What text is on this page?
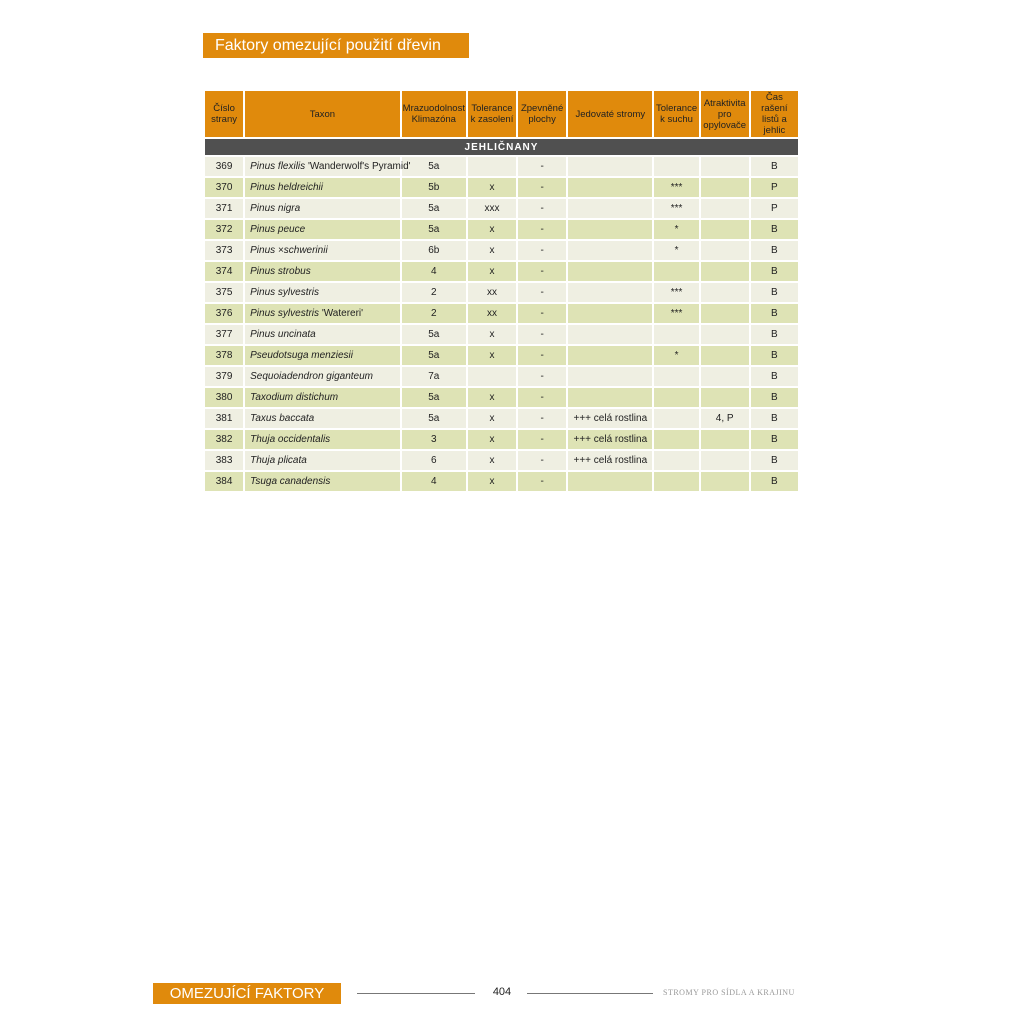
Faktory omezující použití dřevin
Číslo strany	Taxon	Mrazuodolnost Klimazóna	Tolerance k zasolení	Zpevněné plochy	Jedovaté stromy	Tolerance k suchu	Atraktivita pro opylovače	Čas rašení listů a jehlic
JEHLIČNANY								
369	Pinus flexilis 'Wanderwolf's Pyramid'	5a		-				B
370	Pinus heldreichii	5b	x	-		***		P
371	Pinus nigra	5a	xxx	-		***		P
372	Pinus peuce	5a	x	-		*		B
373	Pinus ×schwerinii	6b	x	-		*		B
374	Pinus strobus	4	x	-				B
375	Pinus sylvestris	2	xx	-		***		B
376	Pinus sylvestris 'Watereri'	2	xx	-		***		B
377	Pinus uncinata	5a	x	-				B
378	Pseudotsuga menziesii	5a	x	-		*		B
379	Sequoiadendron giganteum	7a		-				B
380	Taxodium distichum	5a	x	-				B
381	Taxus baccata	5a	x	-	+++ celá rostlina		4, P	B
382	Thuja occidentalis	3	x	-	+++ celá rostlina			B
383	Thuja plicata	6	x	-	+++ celá rostlina			B
384	Tsuga canadensis	4	x	-				B
OMEZUJÍCÍ FAKTORY	404	STROMY PRO SÍDLA A KRAJINU
